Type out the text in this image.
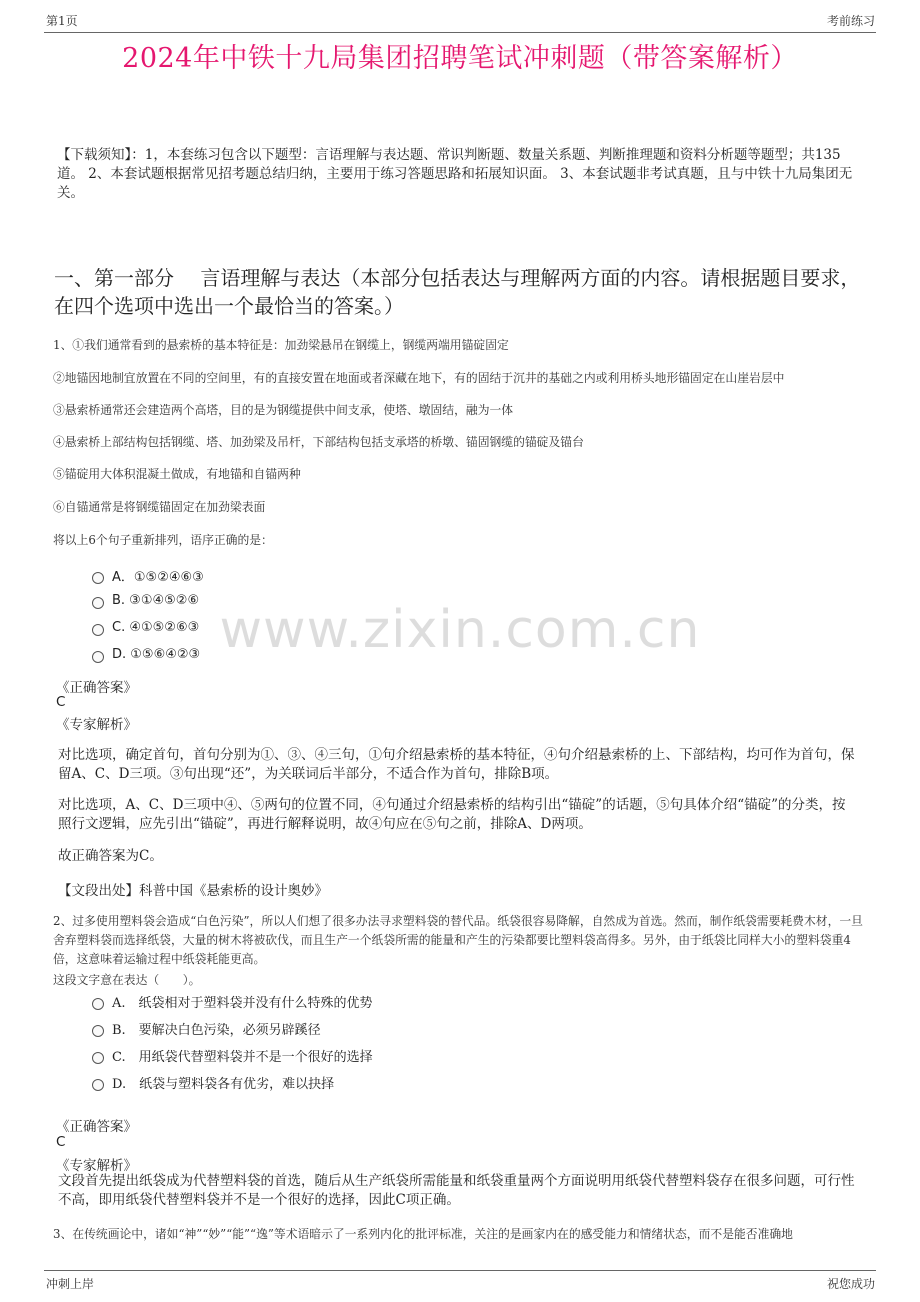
第1页	考前练习
2024年中铁十九局集团招聘笔试冲刺题（带答案解析）
【下载须知】：1，本套练习包含以下题型：言语理解与表达题、常识判断题、数量关系题、判断推理题和资料分析题等题型；共135道。 2、本套试题根据常见招考题总结归纳，主要用于练习答题思路和拓展知识面。 3、本套试题非考试真题，且与中铁十九局集团无关。
一、第一部分　 言语理解与表达（本部分包括表达与理解两方面的内容。请根据题目要求，在四个选项中选出一个最恰当的答案。）
www.zixin.com.cn
1、①我们通常看到的悬索桥的基本特征是：加劲梁悬吊在钢缆上，钢缆两端用锚碇固定
②地锚因地制宜放置在不同的空间里，有的直接安置在地面或者深藏在地下，有的固结于沉井的基础之内或利用桥头地形锚固定在山崖岩层中
③悬索桥通常还会建造两个高塔，目的是为钢缆提供中间支承，使塔、墩固结，融为一体
④悬索桥上部结构包括钢缆、塔、加劲梁及吊杆，下部结构包括支承塔的桥墩、锚固钢缆的锚碇及锚台
⑤锚碇用大体积混凝土做成，有地锚和自锚两种
⑥自锚通常是将钢缆锚固定在加劲梁表面
将以上6个句子重新排列，语序正确的是：
A．①⑤②④⑥③
B. ③①④⑤②⑥
C. ④①⑤②⑥③
D. ①⑤⑥④②③
《正确答案》
C
《专家解析》
对比选项，确定首句，首句分别为①、③、④三句，①句介绍悬索桥的基本特征，④句介绍悬索桥的上、下部结构，均可作为首句，保留A、C、D三项。③句出现“还”，为关联词后半部分，不适合作为首句，排除B项。
对比选项，A、C、D三项中④、⑤两句的位置不同，④句通过介绍悬索桥的结构引出“锚碇”的话题，⑤句具体介绍“锚碇”的分类，按照行文逻辑，应先引出“锚碇”，再进行解释说明，故④句应在⑤句之前，排除A、D两项。
故正确答案为C。
【文段出处】科普中国《悬索桥的设计奥妙》
2、过多使用塑料袋会造成“白色污染”，所以人们想了很多办法寻求塑料袋的替代品。纸袋很容易降解，自然成为首选。然而，制作纸袋需要耗费木材，一旦舍弃塑料袋而选择纸袋，大量的树木将被砍伐，而且生产一个纸袋所需的能量和产生的污染都要比塑料袋高得多。另外，由于纸袋比同样大小的塑料袋重4倍，这意味着运输过程中纸袋耗能更高。
这段文字意在表达（　　）。
A.　纸袋相对于塑料袋并没有什么特殊的优势
B.　要解决白色污染，必须另辟蹊径
C.　用纸袋代替塑料袋并不是一个很好的选择
D.　纸袋与塑料袋各有优劣，难以抉择
《正确答案》
C
《专家解析》
文段首先提出纸袋成为代替塑料袋的首选，随后从生产纸袋所需能量和纸袋重量两个方面说明用纸袋代替塑料袋存在很多问题，可行性不高，即用纸袋代替塑料袋并不是一个很好的选择，因此C项正确。
3、在传统画论中，诸如“神”“妙”“能”“逸”等术语暗示了一系列内化的批评标准，关注的是画家内在的感受能力和情绪状态，而不是能否准确地
冲刺上岸	祝您成功
